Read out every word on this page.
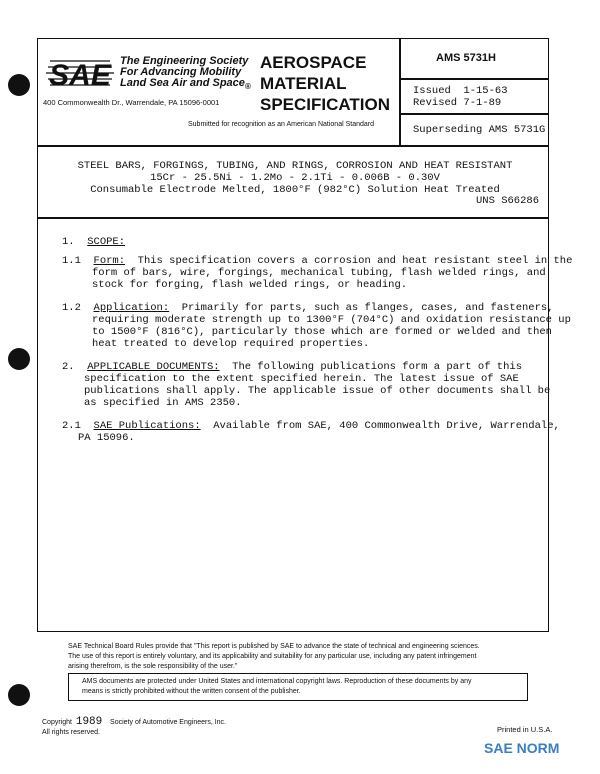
SAE The Engineering Society
For Advancing Mobility
Land Sea Air and Space$_®$
400 Commonwealth Dr., Warrendale, PA 15096-0001
AEROSPACE
MATERIAL
SPECIFICATION
AMS 5731H
Issued  1-15-63
Revised 7-1-89
Superseding AMS 5731G
Submitted for recognition as an American National Standard
STEEL BARS, FORGINGS, TUBING, AND RINGS, CORROSION AND HEAT RESISTANT
15Cr - 25.5Ni - 1.2Mo - 2.1Ti - 0.006B - 0.30V
Consumable Electrode Melted, 1800°F (982°C) Solution Heat Treated
UNS S66286
1. SCOPE:
1.1 Form: This specification covers a corrosion and heat resistant steel in the
form of bars, wire, forgings, mechanical tubing, flash welded rings, and
stock for forging, flash welded rings, or heading.
1.2 Application: Primarily for parts, such as flanges, cases, and fasteners,
requiring moderate strength up to 1300°F (704°C) and oxidation resistance up
to 1500°F (816°C), particularly those which are formed or welded and then
heat treated to develop required properties.
2. APPLICABLE DOCUMENTS: The following publications form a part of this
specification to the extent specified herein. The latest issue of SAE
publications shall apply. The applicable issue of other documents shall be
as specified in AMS 2350.
2.1 SAE Publications: Available from SAE, 400 Commonwealth Drive, Warrendale,
PA 15096.
SAE Technical Board Rules provide that "This report is published by SAE to advance the state of technical and engineering sciences.
The use of this report is entirely voluntary, and its applicability and suitability for any particular use, including any patent infringement
arising therefrom, is the sole responsibility of the user."
AMS documents are protected under United States and international copyright laws. Reproduction of these documents by any
means is strictly prohibited without the written consent of the publisher.
Copyright 1989 Society of Automotive Engineers, Inc.
All rights reserved.	Printed in U.S.A.
SAE NORM
